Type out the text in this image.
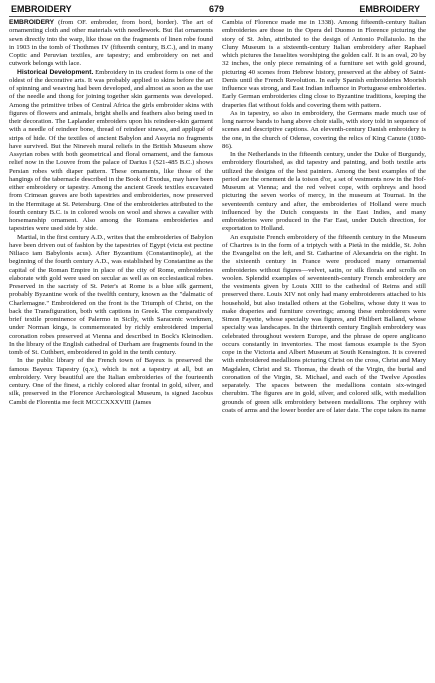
EMBROIDERY	679	EMBROIDERY

EMBROIDERY (from OF. embroder, from bord, border). The art of ornamenting cloth and other materials with needlework. But flat ornaments sewn directly into the warp, like those on the fragments of linen robe found in 1903 in the tomb of Thothmes IV (fifteenth century, B.C.), and in many Coptic and Peruvian textiles, are tapestry; and embroidery on net and cutwork belongs with lace.

Historical Development. Embroidery in its crudest form is one of the oldest of the decorative arts. It was probably applied to skins before the art of spinning and weaving had been developed, and almost as soon as the use of the needle and thong for joining together skin garments was developed. Among the primitive tribes of Central Africa the girls embroider skins with figures of flowers and animals, bright shells and feathers also being used in their decoration. The Laplander embroiders upon his reindeer-skin garment with a needle of reindeer bone, thread of reindeer sinews, and appliqué of strips of hide. Of the textiles of ancient Babylon and Assyria no fragments have survived. But the Nineveh mural reliefs in the British Museum show Assyrian robes with both geometrical and floral ornament, and the famous relief now in the Louvre from the palace of Darius I (521-485 B.C.) shows Persian robes with diaper pattern. These ornaments, like those of the hangings of the tabernacle described in the Book of Exodus, may have been either embroidery or tapestry. Among the ancient Greek textiles excavated from Crimean graves are both tapestries and embroideries, now preserved in the Hermitage at St. Petersburg. One of the embroideries attributed to the fourth century B.C. is in colored wools on wool and shows a cavalier with horsemanship ornament. Also among the Romans embroideries and tapestries were used side by side.

Martial, in the first century A.D., writes that the embroideries of Babylon have been driven out of fashion by the tapestries of Egypt (victa est pectine Niliaco iam Babylonis acus). After Byzantium (Constantinople), at the beginning of the fourth century A.D., was established by Constantine as the capital of the Roman Empire in place of the city of Rome, embroideries elaborate with gold were used on secular as well as on ecclesiastical robes. Preserved in the sacristy of St. Peter's at Rome is a blue silk garment, probably Byzantine work of the twelfth century, known as the "dalmatic of Charlemagne." Embroidered on the front is the Triumph of Christ, on the back the Transfiguration, both with captions in Greek. The comparatively brief textile prominence of Palermo in Sicily, with Saracenic workmen, under Norman kings, is commemorated by richly embroidered imperial coronation robes preserved at Vienna and described in Bock's Kleinodien. In the library of the English cathedral of Durham are fragments found in the tomb of St. Cuthbert, embroidered in gold in the tenth century.

In the public library of the French town of Bayeux is preserved the famous Bayeux Tapestry (q.v.), which is not a tapestry at all, but an embroidery. Very beautiful are the Italian embroideries of the fourteenth century. One of the finest, a richly colored altar frontal in gold, silver, and silk, preserved in the Florence Archæological Museum, is signed Jacobus Cambi de Florentia me fecit MCCCXXXVIII (James

Cambia of Florence made me in 1338). Among fifteenth-century Italian embroideries are those in the Opera del Duomo in Florence picturing the story of St. John, attributed to the design of Antonio Pollaiuolo. In the Cluny Museum is a sixteenth-century Italian embroidery after Raphael which pictures the Israelites worshiping the golden calf. It is an oval, 20 by 32 inches, the only piece remaining of a furniture set with gold ground, picturing 40 scenes from Hebrew history, preserved at the abbey of Saint-Denis until the French Revolution. In early Spanish embroideries Moorish influence was strong, and East Indian influence in Portuguese embroideries. Early German embroideries cling close to Byzantine traditions, keeping the draperies flat without folds and covering them with pattern.

As in tapestry, so also in embroidery, the Germans made much use of long narrow bands to hang above choir stalls, with story told in sequence of scenes and descriptive captions. An eleventh-century Danish embroidery is the one, in the church of Odense, covering the relics of King Canute (1080-86).

In the Netherlands in the fifteenth century, under the Duke of Burgundy, embroidery flourished, as did tapestry and painting, and both textile arts utilized the designs of the best painters. Among the best examples of the period are the ornement de la toison d'or, a set of vestments now in the Hof-Museum at Vienna; and the red velvet cope, with orphreys and hood picturing the seven works of mercy, in the museum at Tournai. In the seventeenth century and after, the embroideries of Holland were much influenced by the Dutch conquests in the East Indies, and many embroideries were produced in the Far East, under Dutch direction, for exportation to Holland.

An exquisite French embroidery of the fifteenth century in the Museum of Chartres is in the form of a triptych with a Pietà in the middle, St. John the Evangelist on the left, and St. Catharine of Alexandria on the right. In the sixteenth century in France were produced many ornamental embroideries without figures—velvet, satin, or silk florals and scrolls on woolen. Splendid examples of seventeenth-century French embroidery are the vestments given by Louis XIII to the cathedral of Reims and still preserved there. Louis XIV not only had many embroiderers attached to his household, but also installed others at the Gobelins, whose duty it was to make draperies and furniture coverings; among these embroiderers were Simon Fayette, whose specialty was figures, and Philibert Balland, whose specialty was landscapes. In the thirteenth century English embroidery was celebrated throughout western Europe, and the phrase de opere anglicano occurs constantly in inventories. The most famous example is the Syon cope in the Victoria and Albert Museum at South Kensington. It is covered with embroidered medallions picturing Christ on the cross, Christ and Mary Magdalen, Christ and St. Thomas, the death of the Virgin, the burial and coronation of the Virgin, St. Michael, and each of the Twelve Apostles separately. The spaces between the medallions contain six-winged cherubim. The figures are in gold, silver, and colored silk, with medallion grounds of green silk embroidery between medallions. The orphrey with coats of arms and the lower border are of later date. The cope takes its name
